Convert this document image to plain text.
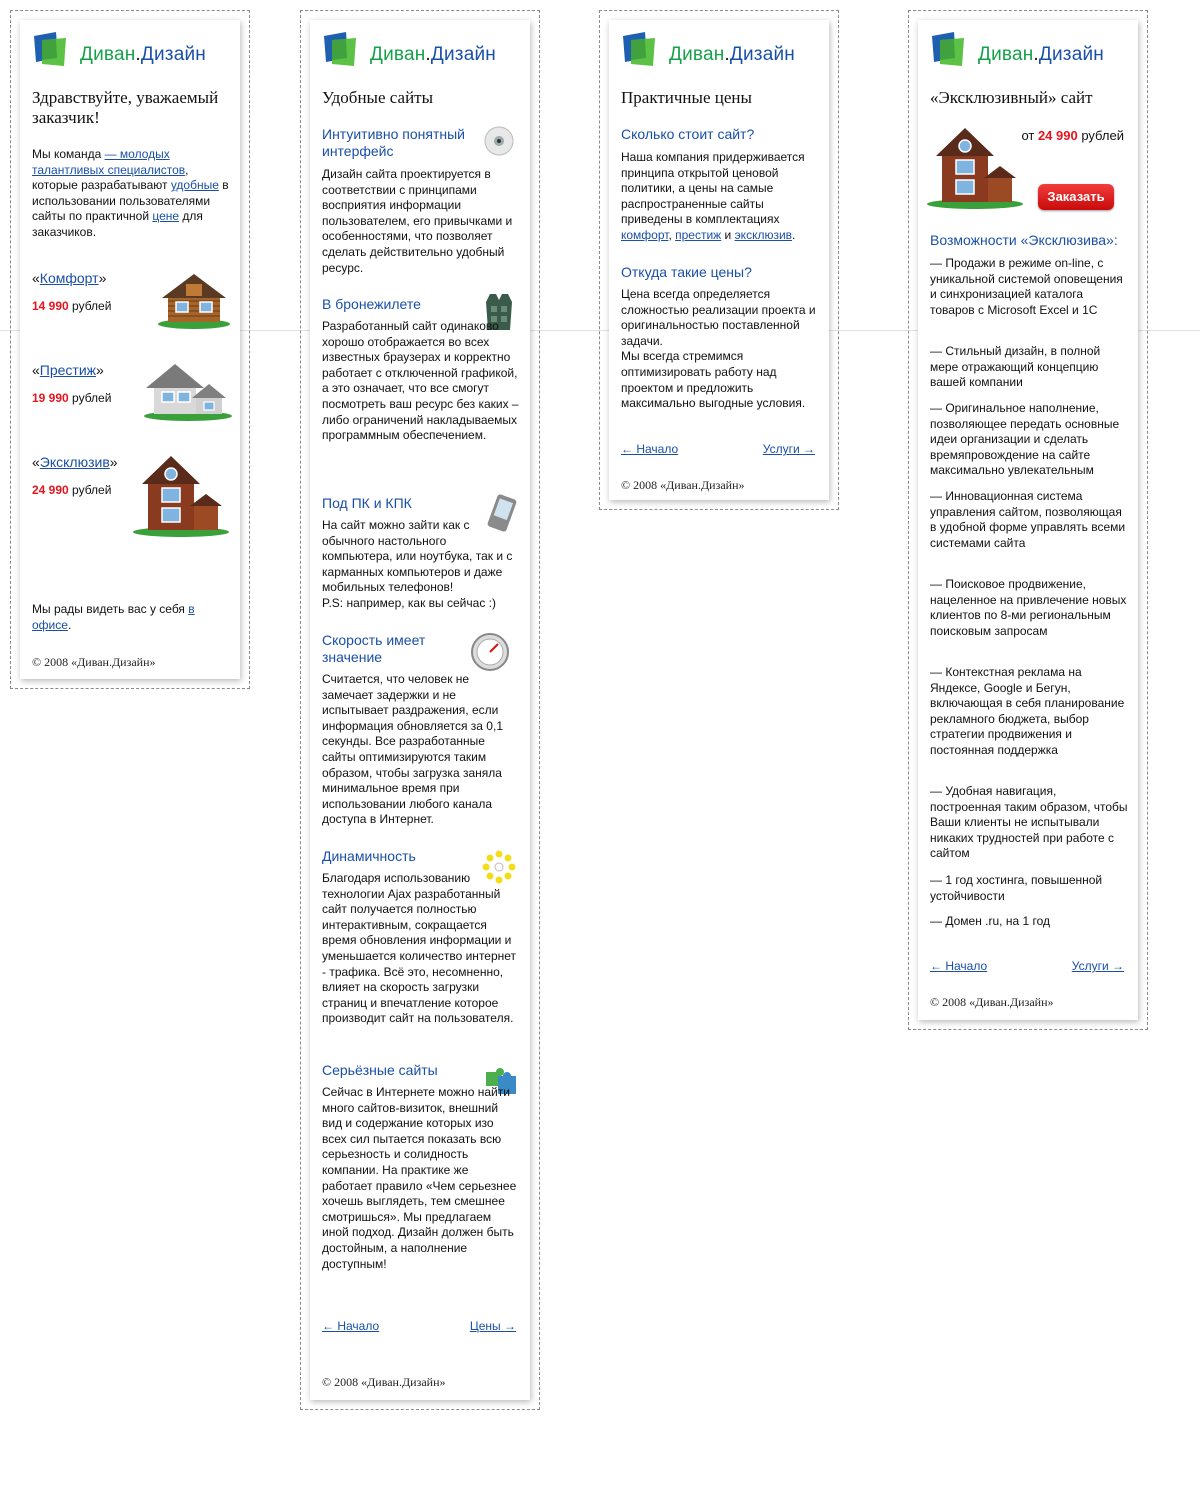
Диван.Дизайн
Здравствуйте, уважаемый заказчик!
Мы команда — молодых талантливых специалистов, которые разрабатывают удобные в использовании пользователями сайты по практичной цене для заказчиков.
«Комфорт»
14 990 рублей
«Престиж»
19 990 рублей
«Эксклюзив»
24 990 рублей
Мы рады видеть вас у себя в офисе.
© 2008 «Диван.Дизайн»
Диван.Дизайн
Удобные сайты
Интуитивно понятный интерфейс
Дизайн сайта проектируется в соответствии с принципами восприятия информации пользователем, его привычками и особенностями, что позволяет сделать действительно удобный ресурс.
В бронежилете
Разработанный сайт одинаково хорошо отображается во всех известных браузерах и корректно работает с отключенной графикой, а это означает, что все смогут посмотреть ваш ресурс без каких – либо ограничений накладываемых программным обеспечением.
Под ПК и КПК
На сайт можно зайти как с обычного настольного компьютера, или ноутбука, так и с карманных компьютеров и даже мобильных телефонов!
P.S: например, как вы сейчас :)
Скорость имеет значение
Считается, что человек не замечает задержки и не испытывает раздражения, если информация обновляется за 0,1 секунды. Все разработанные сайты оптимизируются таким образом, чтобы загрузка заняла минимальное время при использовании любого канала доступа в Интернет.
Динамичность
Благодаря использованию технологии Ajax разработанный сайт получается полностью интерактивным, сокращается время обновления информации и уменьшается количество интернет - трафика. Всё это, несомненно, влияет на скорость загрузки страниц и впечатление которое производит сайт на пользователя.
Серьёзные сайты
Сейчас в Интернете можно найти много сайтов-визиток, внешний вид и содержание которых изо всех сил пытается показать всю серьезность и солидность компании. На практике же работает правило «Чем серьезнее хочешь выглядеть, тем смешнее смотришься». Мы предлагаем иной подход. Дизайн должен быть достойным, а наполнение доступным!
← Начало	Цены →
© 2008 «Диван.Дизайн»
Диван.Дизайн
Практичные цены
Сколько стоит сайт?
Наша компания придерживается принципа открытой ценовой политики, а цены на самые распространенные сайты приведены в комплектациях комфорт, престиж и эксклюзив.
Откуда такие цены?
Цена всегда определяется сложностью реализации проекта и оригинальностью поставленной задачи.
Мы всегда стремимся оптимизировать работу над проектом и предложить максимально выгодные условия.
← Начало	Услуги →
© 2008 «Диван.Дизайн»
Диван.Дизайн
«Эксклюзивный» сайт
от 24 990 рублей
Заказать
Возможности «Эксклюзива»:
— Продажи в режиме on-line, с уникальной системой оповещения и синхронизацией каталога товаров с Microsoft Excel и 1С
— Стильный дизайн, в полной мере отражающий концепцию вашей компании
— Оригинальное наполнение, позволяющее передать основные идеи организации и сделать времяпровождение на сайте максимально увлекательным
— Инновационная система управления сайтом, позволяющая в удобной форме управлять всеми системами сайта
— Поисковое продвижение, нацеленное на привлечение новых клиентов по 8-ми региональным поисковым запросам
— Контекстная реклама на Яндексе, Google и Бегун, включающая в себя планирование рекламного бюджета, выбор стратегии продвижения и постоянная поддержка
— Удобная навигация, построенная таким образом, чтобы Ваши клиенты не испытывали никаких трудностей при работе с сайтом
— 1 год хостинга, повышенной устойчивости
— Домен .ru, на 1 год
← Начало	Услуги →
© 2008 «Диван.Дизайн»
